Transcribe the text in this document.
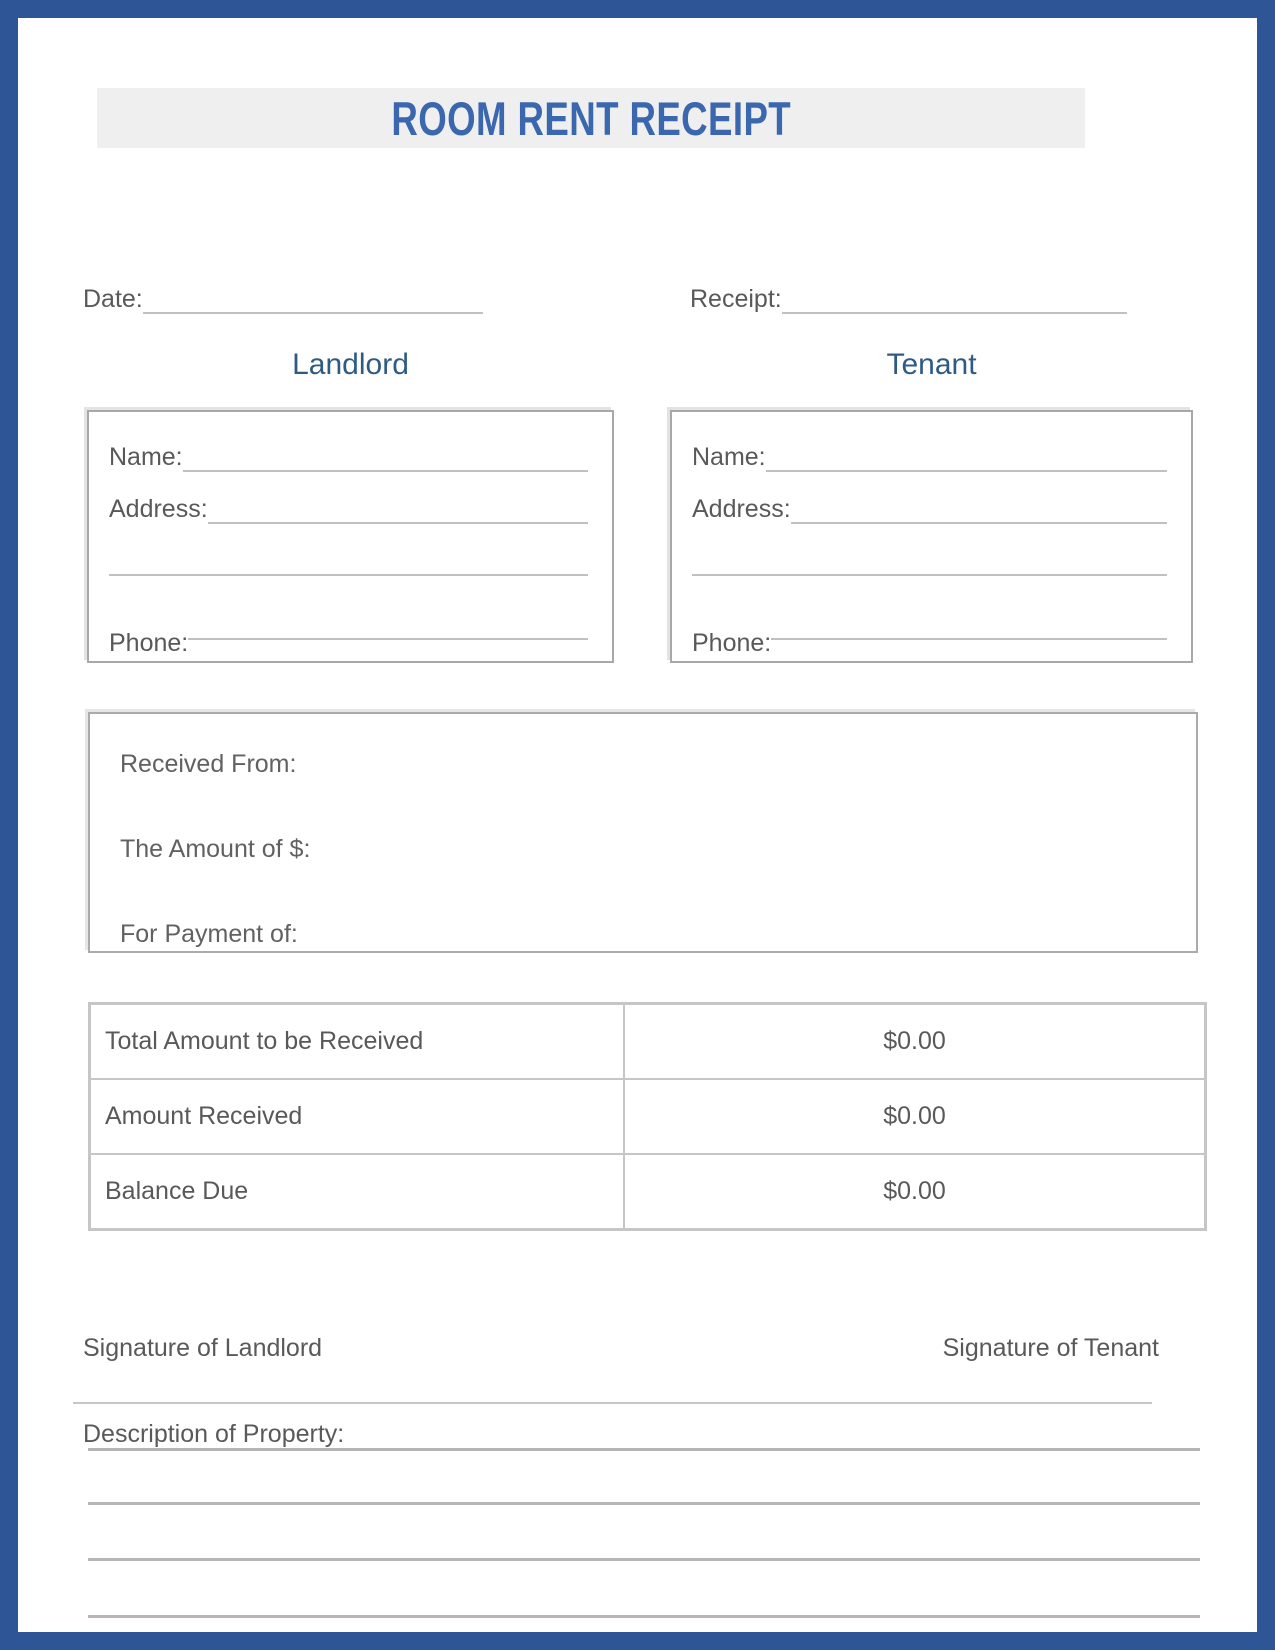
ROOM RENT RECEIPT
Date:	Receipt:
Landlord	Tenant
Name:
Address:
Phone:
Name:
Address:
Phone:
Received From:
The Amount of $:
For Payment of:
Total Amount to be Received	$0.00
Amount Received	$0.00
Balance Due	$0.00
Signature of Landlord	Signature of Tenant
Description of Property:
